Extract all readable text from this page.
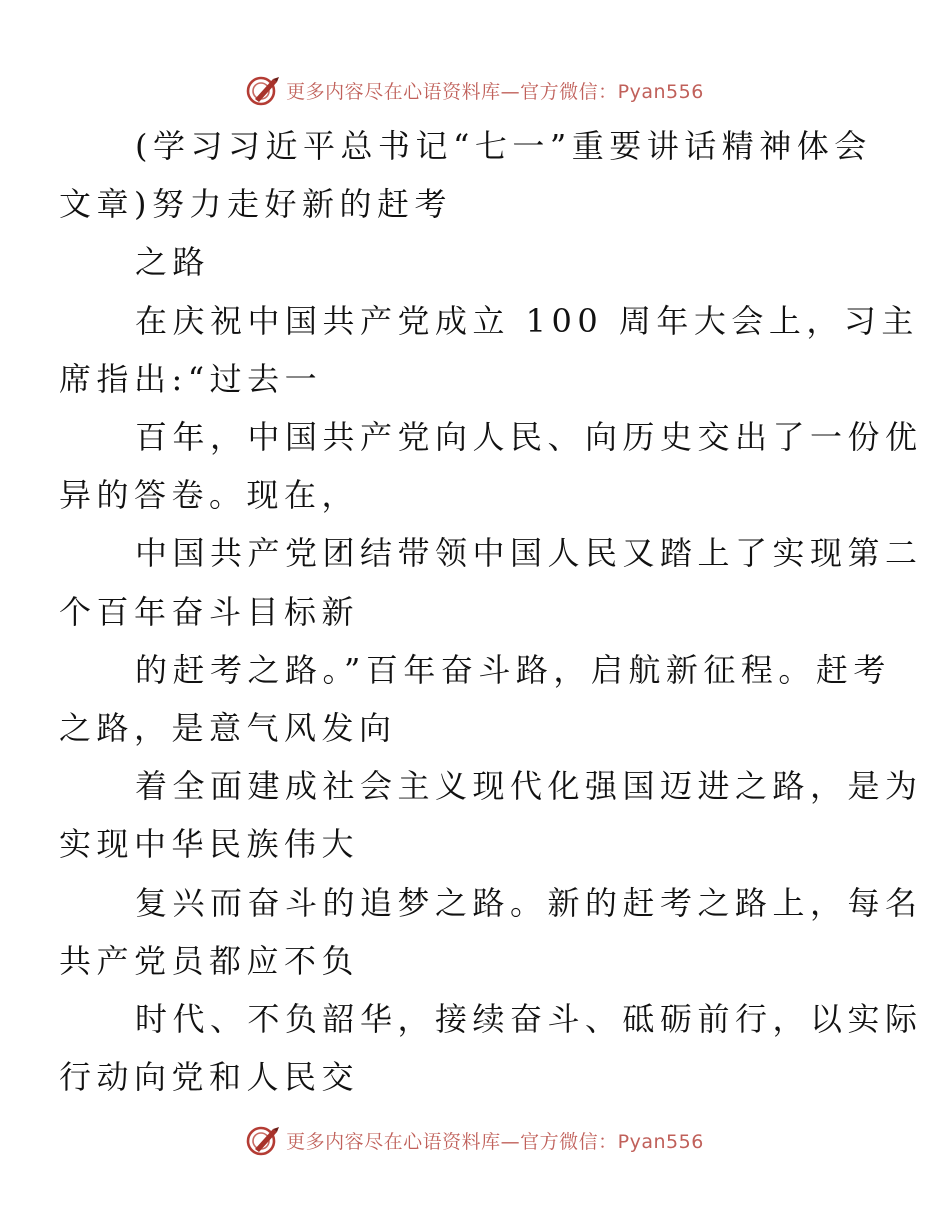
更多内容尽在心语资料库—官方微信：Pyan556

(学习习近平总书记“七一”重要讲话精神体会
文章)努力走好新的赶考

之路

在庆祝中国共产党成立 100 周年大会上，习主
席指出:“过去一

百年，中国共产党向人民、向历史交出了一份优
异的答卷。现在，

中国共产党团结带领中国人民又踏上了实现第二
个百年奋斗目标新

的赶考之路。”百年奋斗路，启航新征程。赶考
之路，是意气风发向

着全面建成社会主义现代化强国迈进之路，是为
实现中华民族伟大

复兴而奋斗的追梦之路。新的赶考之路上，每名
共产党员都应不负

时代、不负韶华，接续奋斗、砥砺前行，以实际
行动向党和人民交

更多内容尽在心语资料库—官方微信：Pyan556
